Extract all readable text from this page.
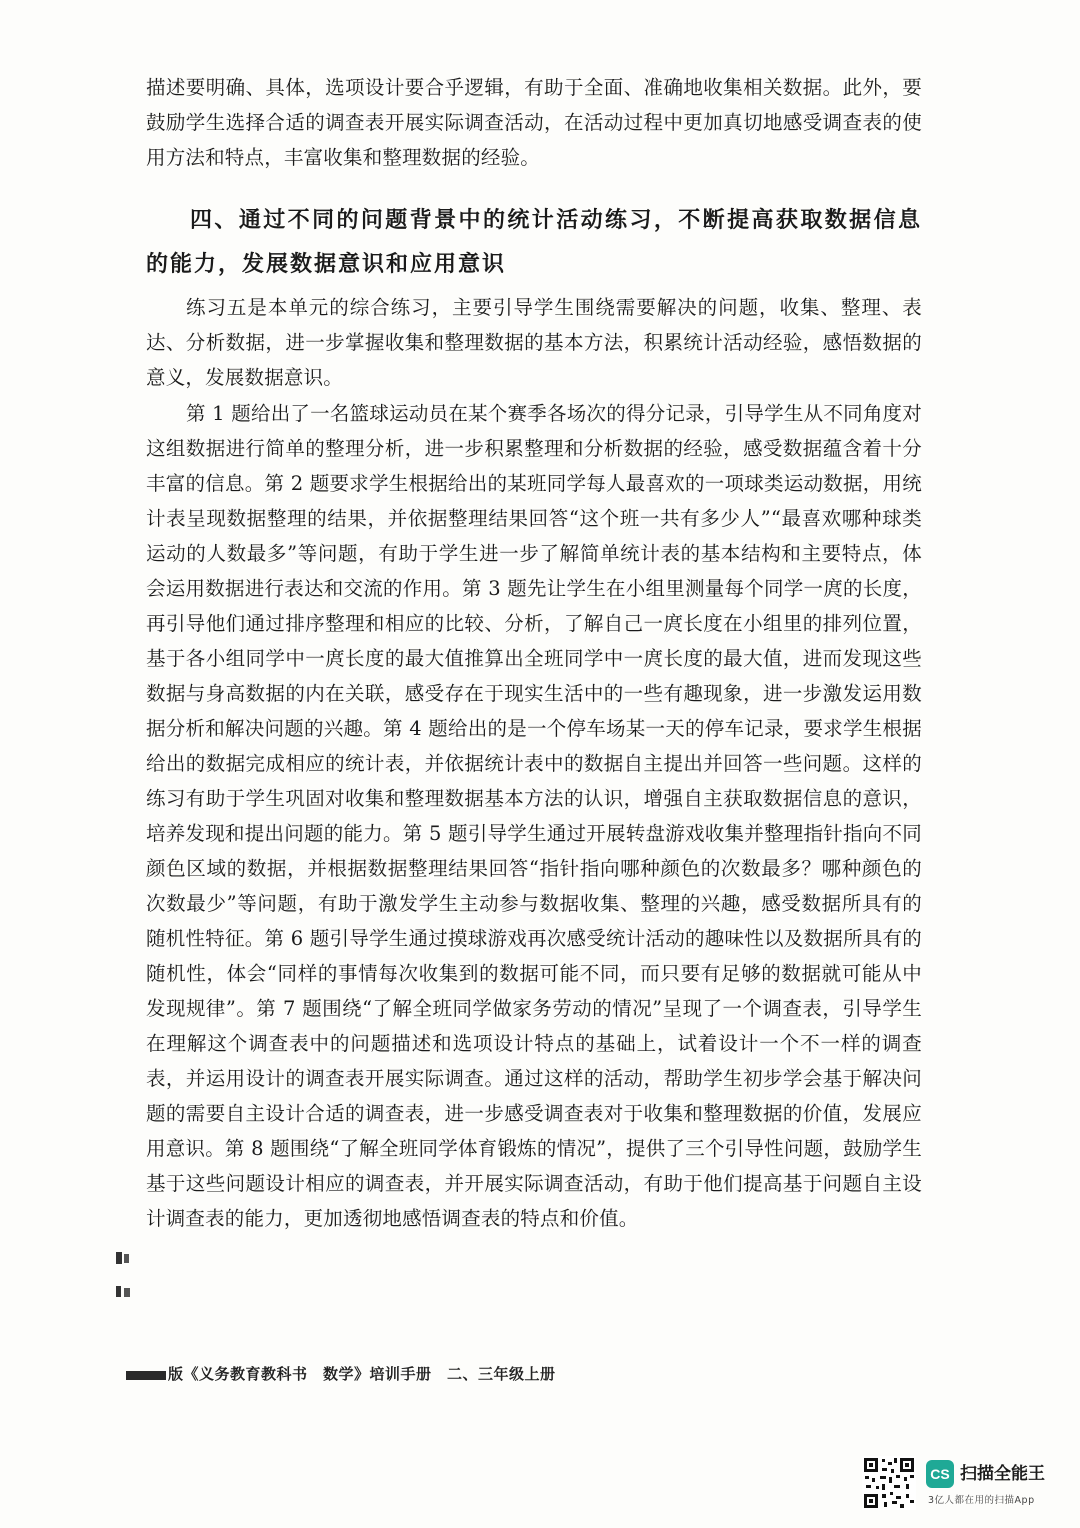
描述要明确、具体，选项设计要合乎逻辑，有助于全面、准确地收集相关数据。此外，要鼓励学生选择合适的调查表开展实际调查活动，在活动过程中更加真切地感受调查表的使用方法和特点，丰富收集和整理数据的经验。
四、通过不同的问题背景中的统计活动练习，不断提高获取数据信息的能力，发展数据意识和应用意识
练习五是本单元的综合练习，主要引导学生围绕需要解决的问题，收集、整理、表达、分析数据，进一步掌握收集和整理数据的基本方法，积累统计活动经验，感悟数据的意义，发展数据意识。
第 1 题给出了一名篮球运动员在某个赛季各场次的得分记录，引导学生从不同角度对这组数据进行简单的整理分析，进一步积累整理和分析数据的经验，感受数据蕴含着十分丰富的信息。第 2 题要求学生根据给出的某班同学每人最喜欢的一项球类运动数据，用统计表呈现数据整理的结果，并依据整理结果回答“这个班一共有多少人”“最喜欢哪种球类运动的人数最多”等问题，有助于学生进一步了解简单统计表的基本结构和主要特点，体会运用数据进行表达和交流的作用。第 3 题先让学生在小组里测量每个同学一庹的长度，再引导他们通过排序整理和相应的比较、分析，了解自己一庹长度在小组里的排列位置，基于各小组同学中一庹长度的最大值推算出全班同学中一庹长度的最大值，进而发现这些数据与身高数据的内在关联，感受存在于现实生活中的一些有趣现象，进一步激发运用数据分析和解决问题的兴趣。第 4 题给出的是一个停车场某一天的停车记录，要求学生根据给出的数据完成相应的统计表，并依据统计表中的数据自主提出并回答一些问题。这样的练习有助于学生巩固对收集和整理数据基本方法的认识，增强自主获取数据信息的意识，培养发现和提出问题的能力。第 5 题引导学生通过开展转盘游戏收集并整理指针指向不同颜色区域的数据，并根据数据整理结果回答“指针指向哪种颜色的次数最多？哪种颜色的次数最少”等问题，有助于激发学生主动参与数据收集、整理的兴趣，感受数据所具有的随机性特征。第 6 题引导学生通过摸球游戏再次感受统计活动的趣味性以及数据所具有的随机性，体会“同样的事情每次收集到的数据可能不同，而只要有足够的数据就可能从中发现规律”。第 7 题围绕“了解全班同学做家务劳动的情况”呈现了一个调查表，引导学生在理解这个调查表中的问题描述和选项设计特点的基础上，试着设计一个不一样的调查表，并运用设计的调查表开展实际调查。通过这样的活动，帮助学生初步学会基于解决问题的需要自主设计合适的调查表，进一步感受调查表对于收集和整理数据的价值，发展应用意识。第 8 题围绕“了解全班同学体育锻炼的情况”，提供了三个引导性问题，鼓励学生基于这些问题设计相应的调查表，并开展实际调查活动，有助于他们提高基于问题自主设计调查表的能力，更加透彻地感悟调查表的特点和价值。
版《义务教育教科书　数学》培训手册　二、三年级上册
CS 扫描全能王
3亿人都在用的扫描App
